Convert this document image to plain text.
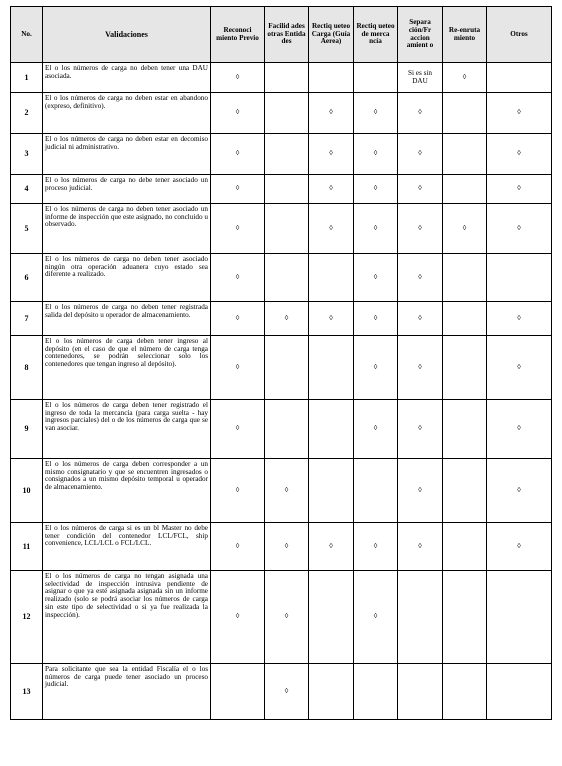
No.	Validaciones	Reconoci miento Previo	Facilid ades otras Entida des	Rectiq ueteo Carga (Guía Aerea)	Rectiq ueteo de merca ncía	Separa ción/Fr accion amient o	Re-enruta miento	Otros
1	El o los números de carga no deben tener una DAU asociada.	◊				Si es sin DAU	◊	
2	El o los números de carga no deben estar en abandono (expreso, definitivo).	◊		◊	◊	◊		◊
3	El o los números de carga no deben estar en decomiso judicial ni administrativo.	◊		◊	◊	◊		◊
4	El o los números de carga no debe tener asociado un proceso judicial.	◊		◊	◊	◊		◊
5	El o los números de carga no deben tener asociado un informe de inspección que este asignado, no concluido u observado.	◊		◊	◊	◊	◊	◊
6	El o los números de carga no deben tener asociado ningún otra operación aduanera cuyo estado sea diferente a realizado.	◊			◊	◊		
7	El o los números de carga no deben tener registrada salida del depósito u operador de almacenamiento.	◊	◊	◊	◊	◊		◊
8	El o los números de carga deben tener ingreso al depósito (en el caso de que el número de carga tenga contenedores, se podrán seleccionar solo los contenedores que tengan ingreso al depósito).	◊			◊	◊		◊
9	El o los números de carga deben tener registrado el ingreso de toda la mercancía (para carga suelta - hay ingresos parciales) del o de los números de carga que se van asociar.	◊			◊	◊		◊
10	El o los números de carga deben corresponder a un mismo consignatario y que se encuentren ingresados o consignados a un mismo depósito temporal u operador de almacenamiento.	◊	◊			◊		◊
11	El o los números de carga si es un bl Master no debe tener condición del contenedor LCL/FCL, ship convenience, LCL/LCL o FCL/LCL.	◊	◊	◊	◊	◊		◊
12	El o los números de carga no tengan asignada una selectividad de inspección intrusiva pendiente de asignar o que ya esté asignada asignada sin un informe realizado (solo se podrá asociar los números de carga sin este tipo de selectividad o si ya fue realizada la inspección).	◊	◊		◊			
13	Para solicitante que sea la entidad Fiscalía el o los números de carga puede tener asociado un proceso judicial.		◊					
